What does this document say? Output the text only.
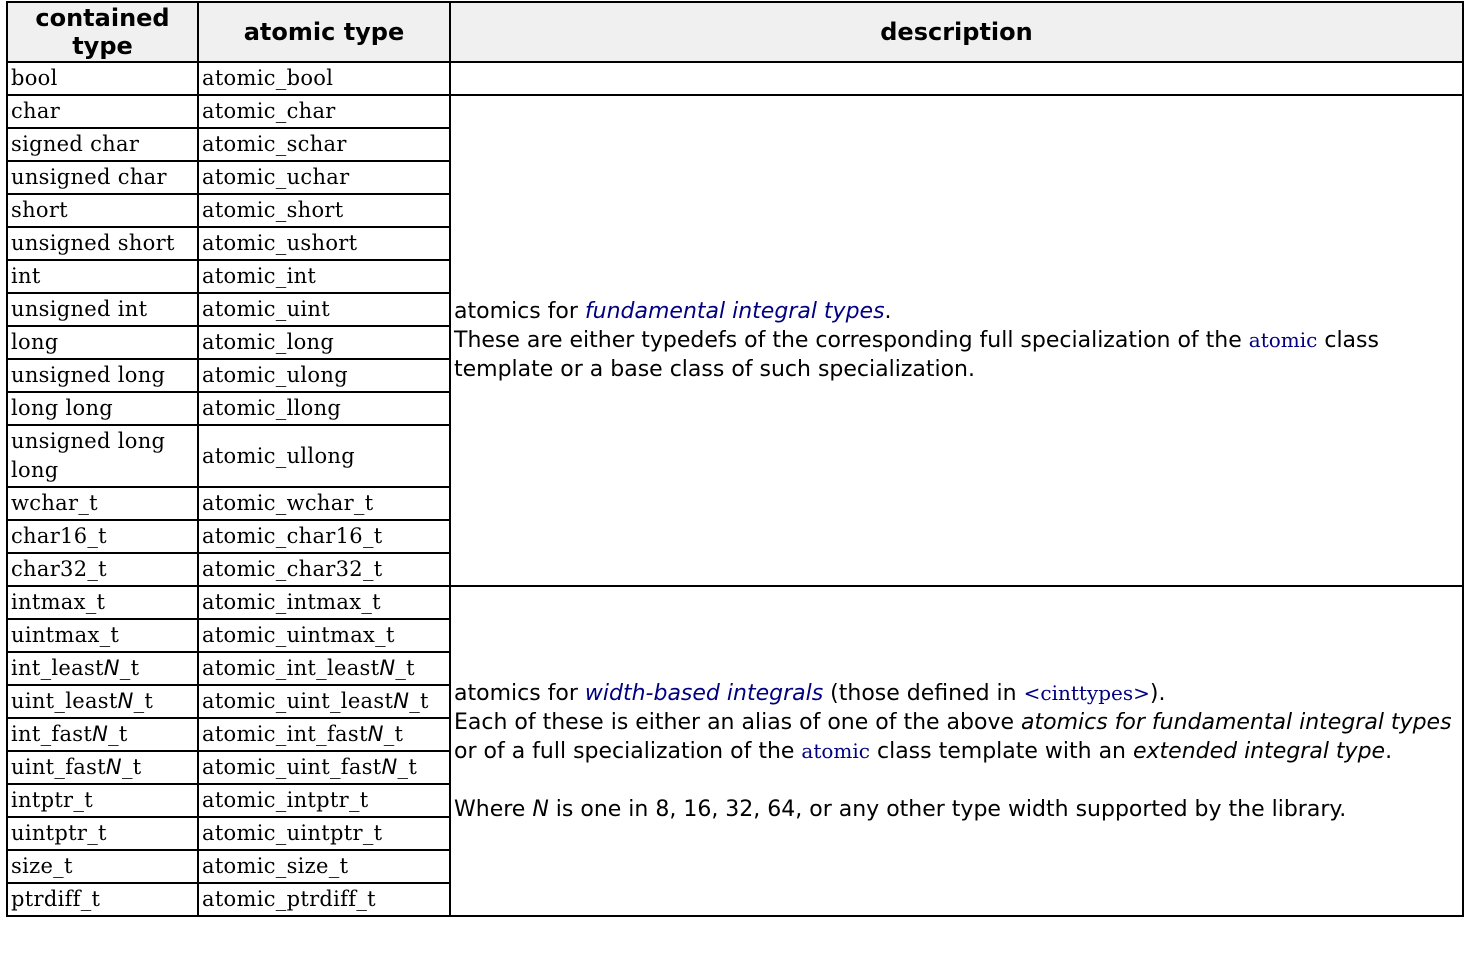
contained type	atomic type	description
bool	atomic_bool	
char	atomic_char	atomics for fundamental integral types.
These are either typedefs of the corresponding full specialization of the atomic class template or a base class of such specialization.
signed char	atomic_schar	
unsigned char	atomic_uchar	
short	atomic_short	
unsigned short	atomic_ushort	
int	atomic_int	
unsigned int	atomic_uint	
long	atomic_long	
unsigned long	atomic_ulong	
long long	atomic_llong	
unsigned long long	atomic_ullong	
wchar_t	atomic_wchar_t	
char16_t	atomic_char16_t	
char32_t	atomic_char32_t	
intmax_t	atomic_intmax_t	atomics for width-based integrals (those defined in <cinttypes>).
Each of these is either an alias of one of the above atomics for fundamental integral types or of a full specialization of the atomic class template with an extended integral type.
Where N is one in 8, 16, 32, 64, or any other type width supported by the library.
uintmax_t	atomic_uintmax_t	
int_leastN_t	atomic_int_leastN_t	
uint_leastN_t	atomic_uint_leastN_t	
int_fastN_t	atomic_int_fastN_t	
uint_fastN_t	atomic_uint_fastN_t	
intptr_t	atomic_intptr_t	
uintptr_t	atomic_uintptr_t	
size_t	atomic_size_t	
ptrdiff_t	atomic_ptrdiff_t	
